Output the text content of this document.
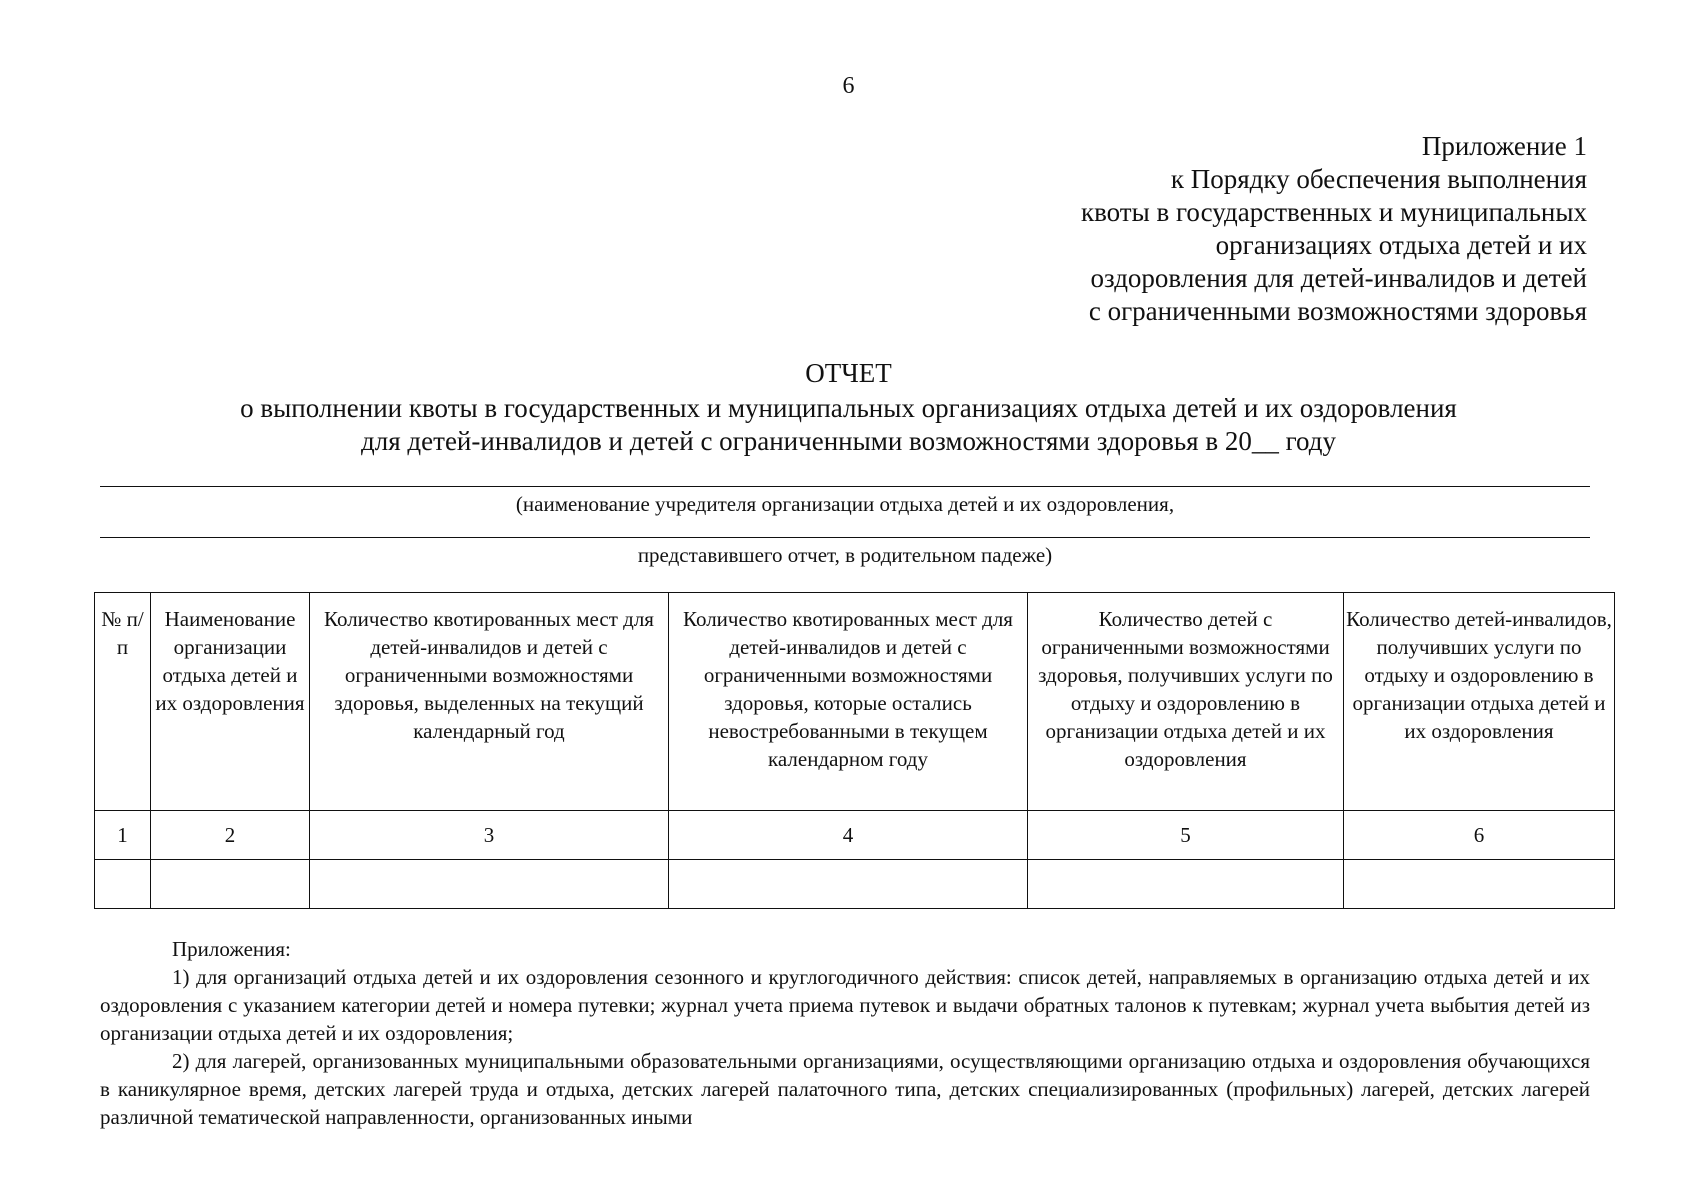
6
Приложение 1
к Порядку обеспечения выполнения
квоты в государственных и муниципальных
организациях отдыха детей и их
оздоровления для детей-инвалидов и детей
с ограниченными возможностями здоровья
ОТЧЕТ
о выполнении квоты в государственных и муниципальных организациях отдыха детей и их оздоровления
для детей-инвалидов и детей с ограниченными возможностями здоровья в 20__ году
(наименование учредителя организации отдыха детей и их оздоровления,
представившего отчет, в родительном падеже)
№ п/п	Наименование организации отдыха детей и их оздоровления	Количество квотированных мест для детей-инвалидов и детей с ограниченными возможностями здоровья, выделенных на текущий календарный год	Количество квотированных мест для детей-инвалидов и детей с ограниченными возможностями здоровья, которые остались невостребованными в текущем календарном году	Количество детей с ограниченными возможностями здоровья, получивших услуги по отдыху и оздоровлению в организации отдыха детей и их оздоровления	Количество детей-инвалидов, получивших услуги по отдыху и оздоровлению в организации отдыха детей и их оздоровления
1	2	3	4	5	6

Приложения:

1) для организаций отдыха детей и их оздоровления сезонного и круглогодичного действия: список детей, направляемых в организацию отдыха детей и их оздоровления с указанием категории детей и номера путевки; журнал учета приема путевок и выдачи обратных талонов к путевкам; журнал учета выбытия детей из организации отдыха детей и их оздоровления;

2) для лагерей, организованных муниципальными образовательными организациями, осуществляющими организацию отдыха и оздоровления обучающихся в каникулярное время, детских лагерей труда и отдыха, детских лагерей палаточного типа, детских специализированных (профильных) лагерей, детских лагерей различной тематической направленности, организованных иными
